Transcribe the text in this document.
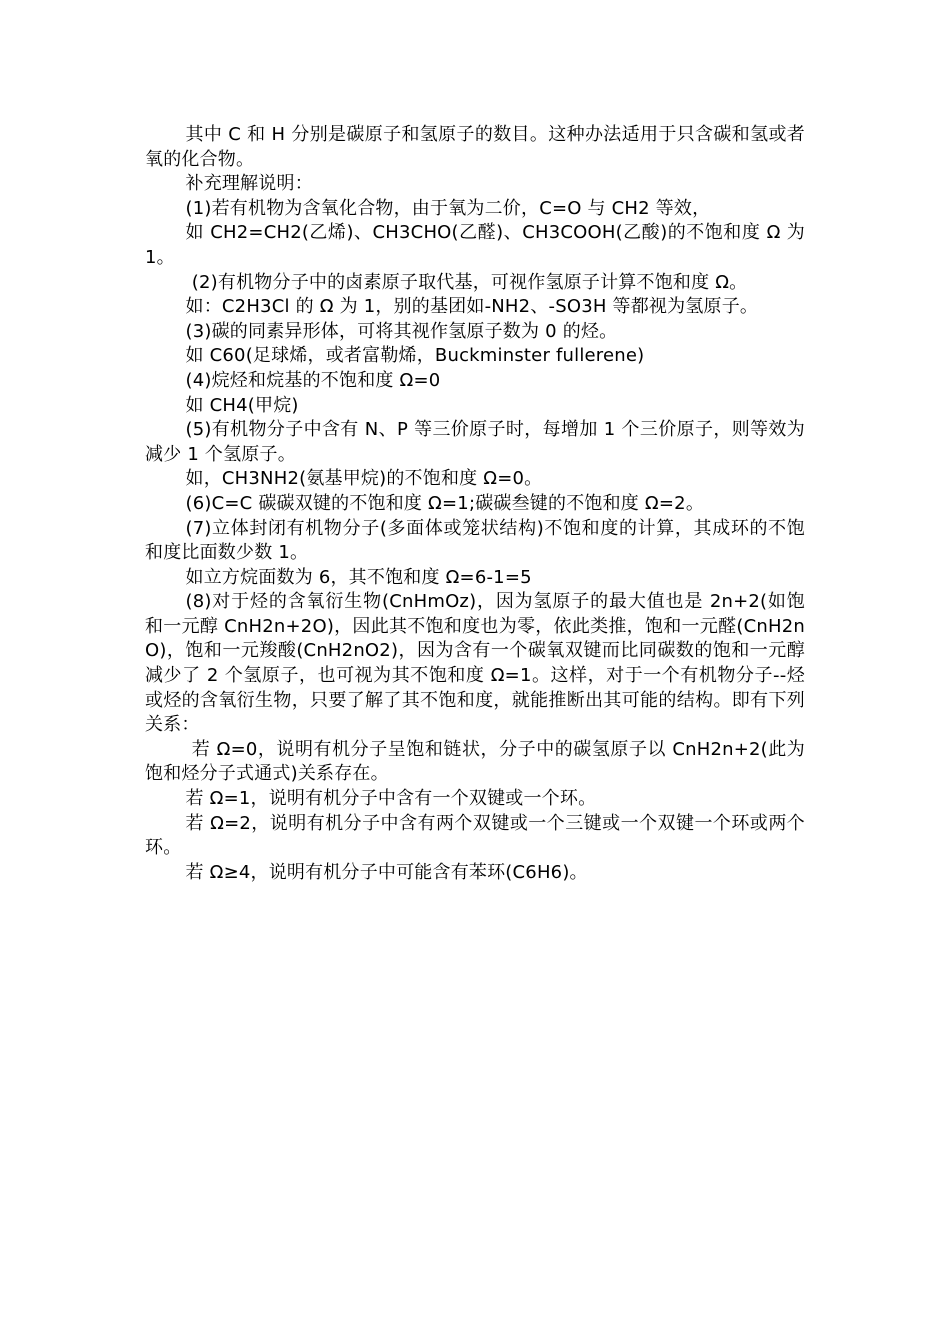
其中 C 和 H 分别是碳原子和氢原子的数目。这种办法适用于只含碳和氢或者氧的化合物。

补充理解说明：

(1)若有机物为含氧化合物，由于氧为二价，C=O 与 CH2 等效，

如 CH2=CH2(乙烯)、CH3CHO(乙醛)、CH3COOH(乙酸)的不饱和度 Ω 为 1。

(2)有机物分子中的卤素原子取代基，可视作氢原子计算不饱和度 Ω。

如：C2H3Cl 的 Ω 为 1，别的基团如-NH2、-SO3H 等都视为氢原子。

(3)碳的同素异形体，可将其视作氢原子数为 0 的烃。

如 C60(足球烯，或者富勒烯，Buckminster fullerene)

(4)烷烃和烷基的不饱和度 Ω=0

如 CH4(甲烷)

(5)有机物分子中含有 N、P 等三价原子时，每增加 1 个三价原子，则等效为减少 1 个氢原子。

如，CH3NH2(氨基甲烷)的不饱和度 Ω=0。

(6)C=C 碳碳双键的不饱和度 Ω=1;碳碳叁键的不饱和度 Ω=2。

(7)立体封闭有机物分子(多面体或笼状结构)不饱和度的计算，其成环的不饱和度比面数少数 1。

如立方烷面数为 6，其不饱和度 Ω=6-1=5

(8)对于烃的含氧衍生物(CnHmOz)，因为氢原子的最大值也是 2n+2(如饱和一元醇 CnH2n+2O)，因此其不饱和度也为零，依此类推，饱和一元醛(CnH2nO)，饱和一元羧酸(CnH2nO2)，因为含有一个碳氧双键而比同碳数的饱和一元醇减少了 2 个氢原子，也可视为其不饱和度 Ω=1。这样，对于一个有机物分子--烃或烃的含氧衍生物，只要了解了其不饱和度，就能推断出其可能的结构。即有下列关系：

若 Ω=0，说明有机分子呈饱和链状，分子中的碳氢原子以 CnH2n+2(此为饱和烃分子式通式)关系存在。

若 Ω=1，说明有机分子中含有一个双键或一个环。

若 Ω=2，说明有机分子中含有两个双键或一个三键或一个双键一个环或两个环。

若 Ω≥4，说明有机分子中可能含有苯环(C6H6)。
